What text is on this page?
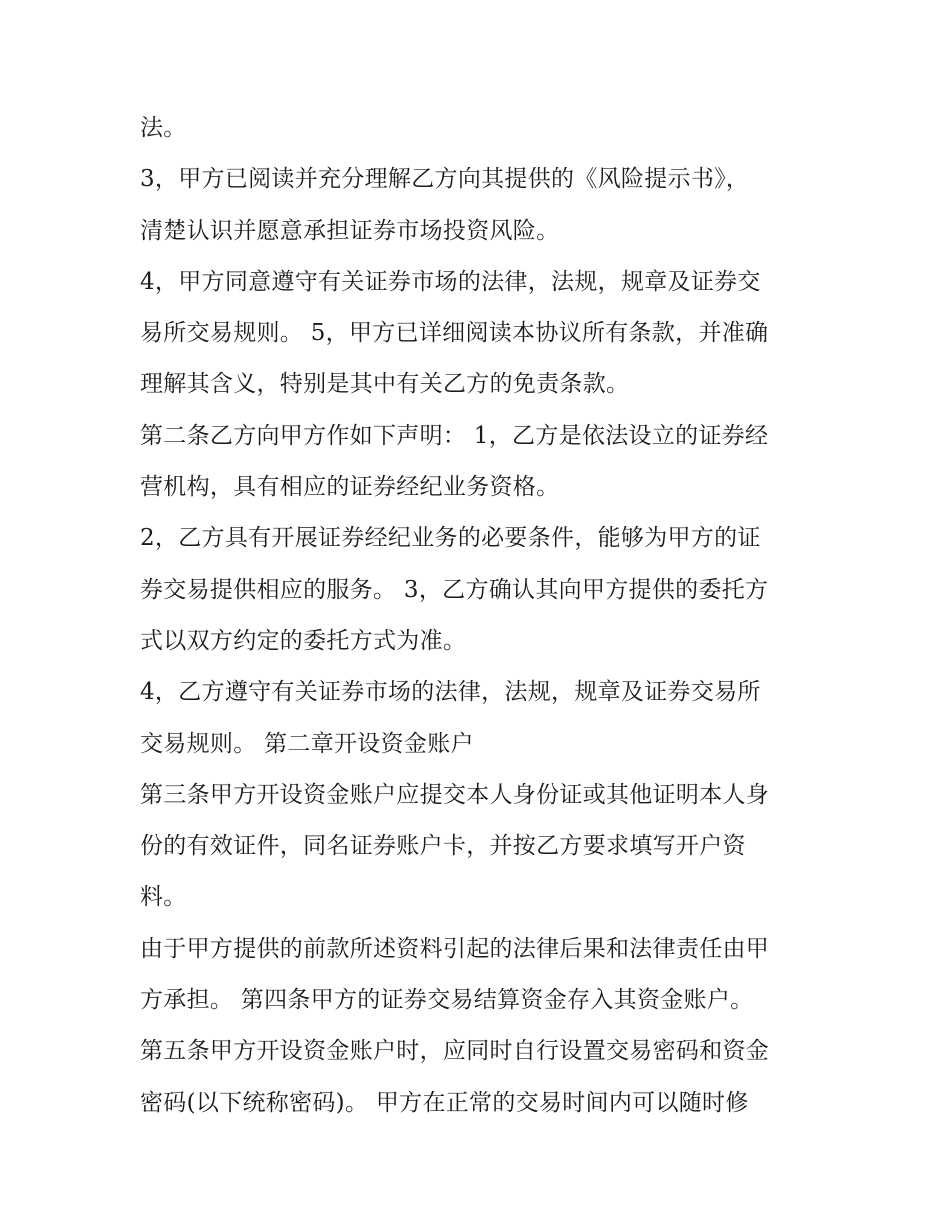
法。
3，甲方已阅读并充分理解乙方向其提供的《风险提示书》，
清楚认识并愿意承担证券市场投资风险。
4，甲方同意遵守有关证券市场的法律，法规，规章及证券交
易所交易规则。 5，甲方已详细阅读本协议所有条款，并准确
理解其含义，特别是其中有关乙方的免责条款。
第二条乙方向甲方作如下声明： 1，乙方是依法设立的证券经
营机构，具有相应的证券经纪业务资格。
2，乙方具有开展证券经纪业务的必要条件，能够为甲方的证
券交易提供相应的服务。 3，乙方确认其向甲方提供的委托方
式以双方约定的委托方式为准。
4，乙方遵守有关证券市场的法律，法规，规章及证券交易所
交易规则。 第二章开设资金账户
第三条甲方开设资金账户应提交本人身份证或其他证明本人身
份的有效证件，同名证券账户卡，并按乙方要求填写开户资
料。
由于甲方提供的前款所述资料引起的法律后果和法律责任由甲
方承担。 第四条甲方的证券交易结算资金存入其资金账户。
第五条甲方开设资金账户时，应同时自行设置交易密码和资金
密码(以下统称密码)。 甲方在正常的交易时间内可以随时修
